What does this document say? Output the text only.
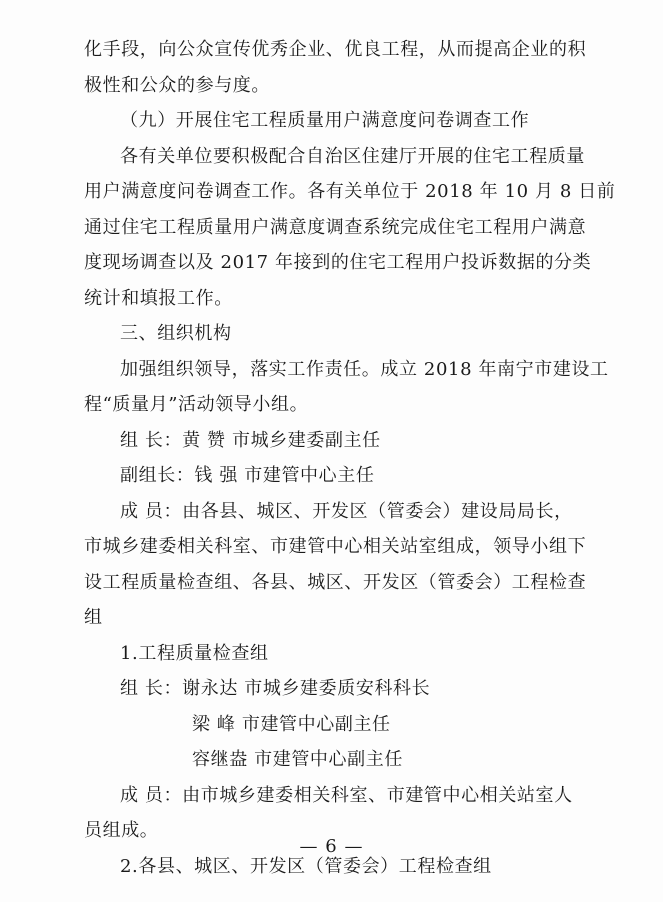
化手段，向公众宣传优秀企业、优良工程，从而提高企业的积
极性和公众的参与度。
（九）开展住宅工程质量用户满意度问卷调查工作
各有关单位要积极配合自治区住建厅开展的住宅工程质量
用户满意度问卷调查工作。各有关单位于 2018 年 10 月 8 日前
通过住宅工程质量用户满意度调查系统完成住宅工程用户满意
度现场调查以及 2017 年接到的住宅工程用户投诉数据的分类
统计和填报工作。
三、组织机构
加强组织领导，落实工作责任。成立 2018 年南宁市建设工
程“质量月”活动领导小组。
组 长：黄 赞 市城乡建委副主任
副组长：钱 强 市建管中心主任
成 员：由各县、城区、开发区（管委会）建设局局长，
市城乡建委相关科室、市建管中心相关站室组成，领导小组下
设工程质量检查组、各县、城区、开发区（管委会）工程检查
组
1.工程质量检查组
组 长：谢永达 市城乡建委质安科科长
梁 峰 市建管中心副主任
容继盎 市建管中心副主任
成 员：由市城乡建委相关科室、市建管中心相关站室人
员组成。
2.各县、城区、开发区（管委会）工程检查组
— 6 —
